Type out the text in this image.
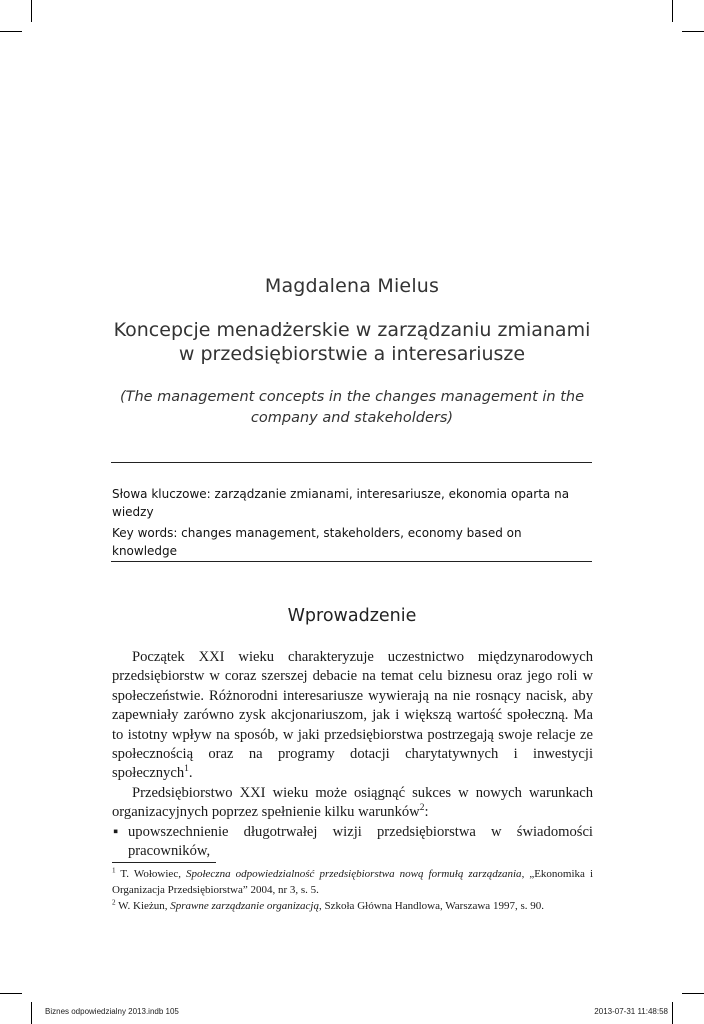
Magdalena Mielus
Koncepcje menadżerskie w zarządzaniu zmianami
w przedsiębiorstwie a interesariusze
(The management concepts in the changes management in the
company and stakeholders)
Słowa kluczowe: zarządzanie zmianami, interesariusze, ekonomia oparta na wiedzy
Key words: changes management, stakeholders, economy based on knowledge
Wprowadzenie

Początek XXI wieku charakteryzuje uczestnictwo międzynarodowych przedsiębiorstw w coraz szerszej debacie na temat celu biznesu oraz jego roli w społeczeństwie. Różnorodni interesariusze wywierają na nie rosnący nacisk, aby zapewniały zarówno zysk akcjonariuszom, jak i większą wartość społeczną. Ma to istotny wpływ na sposób, w jaki przedsiębiorstwa postrzegają swoje relacje ze społecznością oraz na programy dotacji charytatywnych i inwestycji społecznych$^1$.

Przedsiębiorstwo XXI wieku może osiągnąć sukces w nowych warunkach organizacyjnych poprzez spełnienie kilku warunków$^2$:

▪ upowszechnienie długotrwałej wizji przedsiębiorstwa w świadomości pracowników,

$^1$ T. Wołowiec, Społeczna odpowiedzialność przedsiębiorstwa nową formułą zarządzania, „Ekonomika i Organizacja Przedsiębiorstwa” 2004, nr 3, s. 5.

$^2$ W. Kieżun, Sprawne zarządzanie organizacją, Szkoła Główna Handlowa, Warszawa 1997, s. 90.

Biznes odpowiedzialny 2013.indb 105	2013-07-31 11:48:58
